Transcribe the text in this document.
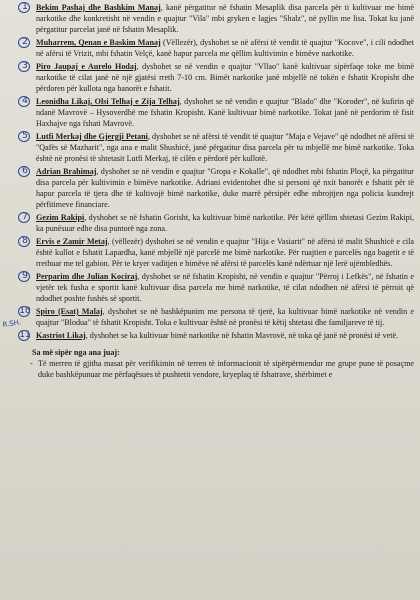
R.SH.
1	Bekim Pashaj dhe Bashkim Manaj, kanë përgatitur në fshatin Mesaplik disa parcela për ti kultivuar me bimë narkotike dhe konkretisht në vendin e quajtur "Vila" mbi gryken e lagjes "Shalz", në pyllin me lisa. Tokat ku janë përgatitur parcelat janë në fshatin Mesaplik.
2	Muharrem, Qenan e Baskim Manaj (Vëllezër), dyshohet se në afërsi të vendit të quajtur "Kocove", i cili ndodhet në afërsi të Vrizit, mbi fshatin Velçë, kanë hapur parcela me qëllim kultivimin e bimëve narkotike.
3	Piro Jaupaj e Aurelo Hodaj, dyshohet se në vendin e quajtur "Vllao" kanë kultivuar sipërfaqe toke me bimë narkotike të cilat janë në një gjatësi rreth 7-10 cm. Bimët narkotike janë mbjellë në tokën e fshatit Kropisht dhe përdoren për kullota nga banorët e fshatit.
4	Leonidha Likaj, Olsi Telhaj e Zija Telhaj, dyshohet se në vendin e quajtur "Blado" dhe "Koroder", në kufirin që ndanë Mavrovë – Hysoverdhë me fshatin Kropisht. Kanë kultivuar bimë narkotike. Tokat janë në perdorim të fisit Haxhajve nga fshati Mavrovë.
5	Lutfi Merkaj dhe Gjergji Petani, dyshohet se në afërsi të vendit të quajtur "Maja e Vejave" që ndodhet në afërsi të "Qafës së Mazharit", nga ana e malit Shushicë, janë përgatitur disa parcela për tu mbjellë me bimë narkotike. Toka është në pronësi të shtetasit Lutfi Merkaj, të cilën e përdorë për kullotë.
6	Adrian Brahimaj, dyshohet se në vendin e quajtur "Gropa e Kokalle", që ndodhet mbi fshatin Ploçë, ka përgatitur disa parcela për kultivimin e bimëve narkotike. Adriani evidentohet dhe si personi që nxit banorët e fshatit për të hapur parcela të tjera dhe të kultivojë bimë narkotike, duke marrë përsipër edhe mbrojtjen nga policia kundrejt përfitimeve financiare.
7	Gezim Rakipi, dyshohet se në fshatin Gorisht, ka kultivuar bimë narkotike. Për këtë qëllim shtetasi Gezim Rakipi, ka punësuar edhe disa puntorë nga zona.
8	Ervis e Zamir Metaj, (vëllezër) dyshohet se në vendin e quajtur "Hija e Vasiarit" në afërsi të malit Shushicë e cila është kullot e fshatit Lapardha, kanë mbjellë një parcelë me bimë narkotike. Për ruajtien e parcelës nga bagetit e të rrethuar me tel gabion. Për te kryer vaditjen e bimëve në afërsi të parcelës kanë ndërtuar një lerë ujëmbledhës.
9	Perparim dhe Julian Kociraj, dyshohet se në fshatin Kropisht, në vendin e quajtur "Përroj i Lefkës", në fshatin e vjetër tek fusha e sportit kanë kultivuar disa parcela me bimë narkotike, të cilat ndodhen në afërsi të përroit që ndodhet poshte fushës së sportit.
10 Spiro (Esat) Malaj, dyshohet se në bashkëpunim me persona të tjerë, ka kultivuar bimë narkotike në vendin e quajtur "Blodua" të fshatit Kropisht. Toka e kultivuar është në pronësi të këtij shtetasi dhe familjareve të tij.
11 Kastriot Likaj, dyshohet se ka kultivuar bimë narkotike në fshatin Mavrovë, në toka që janë në pronësi të vetë.
Sa më sipër nga ana juaj:
- Të merren të gjitha masat për verifikimin në terren të informacionit të sipërpërmendur me grupe pune të posaçme duke bashkëpunuar me përfaqësues të pushtetit vendore, kryeplaq të fshatrave, shërbimet e
